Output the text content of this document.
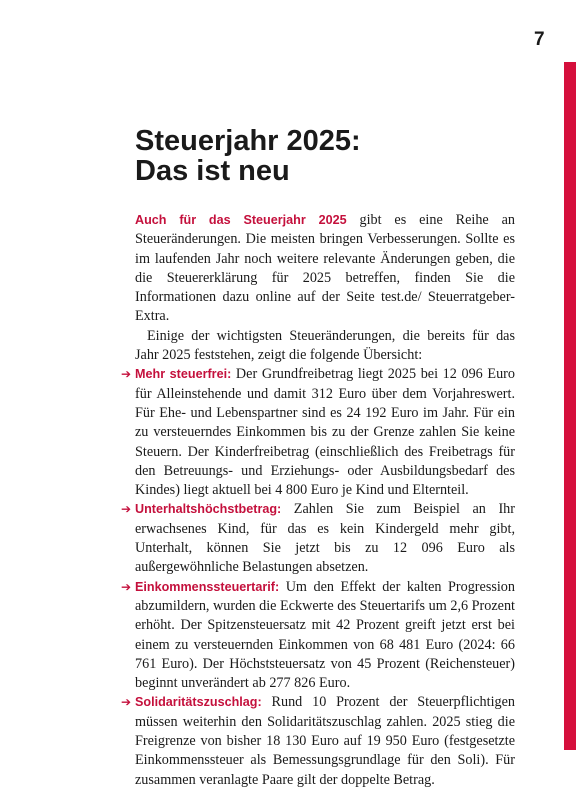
7
Steuerjahr 2025:
Das ist neu

Auch für das Steuerjahr 2025 gibt es eine Reihe an Steueränderungen. Die meisten bringen Verbesserungen. Sollte es im laufenden Jahr noch weitere relevante Änderungen geben, die die Steuererklärung für 2025 betreffen, finden Sie die Informationen dazu online auf der Seite test.de/ Steuerratgeber-Extra.

Einige der wichtigsten Steueränderungen, die bereits für das Jahr 2025 feststehen, zeigt die folgende Übersicht:

➔ Mehr steuerfrei: Der Grundfreibetrag liegt 2025 bei 12 096 Euro für Alleinstehende und damit 312 Euro über dem Vorjahreswert. Für Ehe- und Lebenspartner sind es 24 192 Euro im Jahr. Für ein zu versteuerndes Einkommen bis zu der Grenze zahlen Sie keine Steuern. Der Kinderfreibetrag (einschließlich des Freibetrags für den Betreuungs- und Erziehungs- oder Ausbildungsbedarf des Kindes) liegt aktuell bei 4 800 Euro je Kind und Elternteil.
➔ Unterhaltshöchstbetrag: Zahlen Sie zum Beispiel an Ihr erwachsenes Kind, für das es kein Kindergeld mehr gibt, Unterhalt, können Sie jetzt bis zu 12 096 Euro als außergewöhnliche Belastungen absetzen.
➔ Einkommenssteuertarif: Um den Effekt der kalten Progression abzumildern, wurden die Eckwerte des Steuertarifs um 2,6 Prozent erhöht. Der Spitzensteuersatz mit 42 Prozent greift jetzt erst bei einem zu versteuernden Einkommen von 68 481 Euro (2024: 66 761 Euro). Der Höchststeuersatz von 45 Prozent (Reichensteuer) beginnt unverändert ab 277 826 Euro.
➔ Solidaritätszuschlag: Rund 10 Prozent der Steuerpflichtigen müssen weiterhin den Solidaritätszuschlag zahlen. 2025 stieg die Freigrenze von bisher 18 130 Euro auf 19 950 Euro (festgesetzte Einkommenssteuer als Bemessungsgrundlage für den Soli). Für zusammen veranlagte Paare gilt der doppelte Betrag.
